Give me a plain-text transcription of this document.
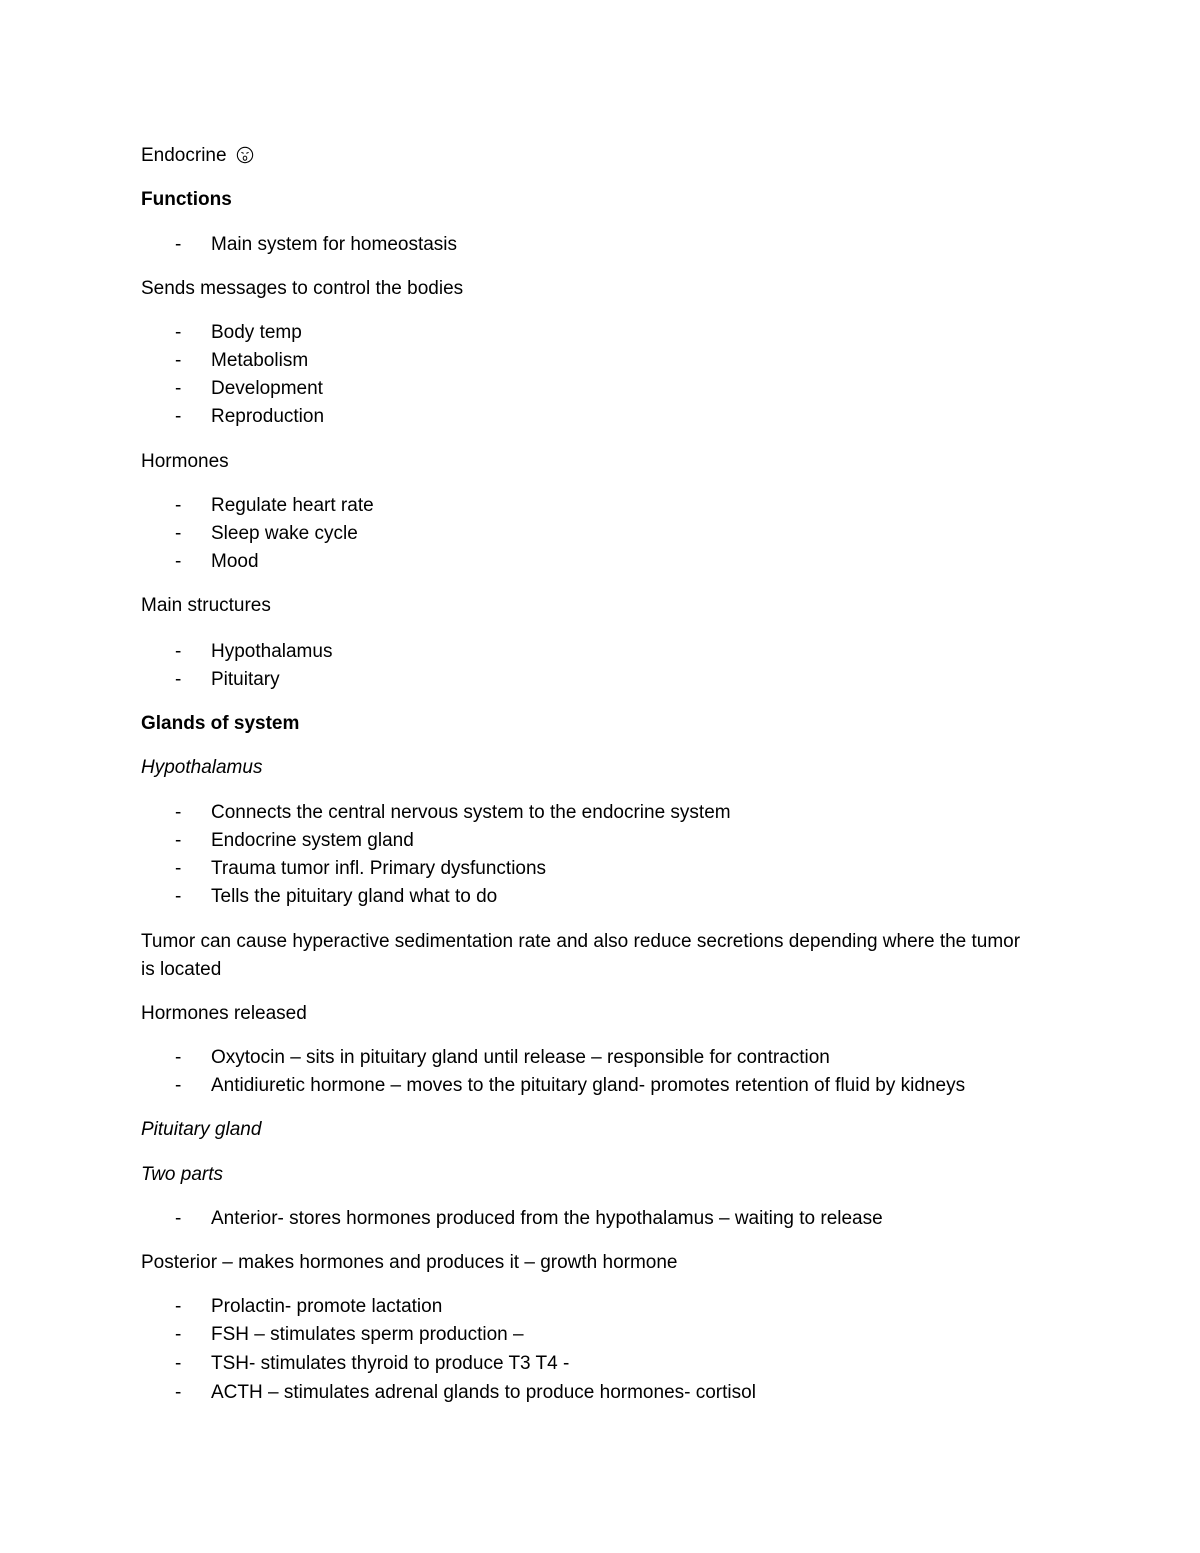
Endocrine
Functions
-	Main system for homeostasis
Sends messages to control the bodies
-	Body temp
-	Metabolism
-	Development
-	Reproduction
Hormones
-	Regulate heart rate
-	Sleep wake cycle
-	Mood
Main structures
-	Hypothalamus
-	Pituitary
Glands of system
Hypothalamus
-	Connects the central nervous system to the endocrine system
-	Endocrine system gland
-	Trauma tumor infl. Primary dysfunctions
-	Tells the pituitary gland what to do
Tumor can cause hyperactive sedimentation rate and also reduce secretions depending where the tumor is located
Hormones released
-	Oxytocin – sits in pituitary gland until release – responsible for contraction
-	Antidiuretic hormone – moves to the pituitary gland- promotes retention of fluid by kidneys
Pituitary gland
Two parts
-	Anterior- stores hormones produced from the hypothalamus – waiting to release
Posterior – makes hormones and produces it – growth hormone
-	Prolactin- promote lactation
-	FSH – stimulates sperm production –
-	TSH- stimulates thyroid to produce T3 T4 -
-	ACTH – stimulates adrenal glands to produce hormones- cortisol
